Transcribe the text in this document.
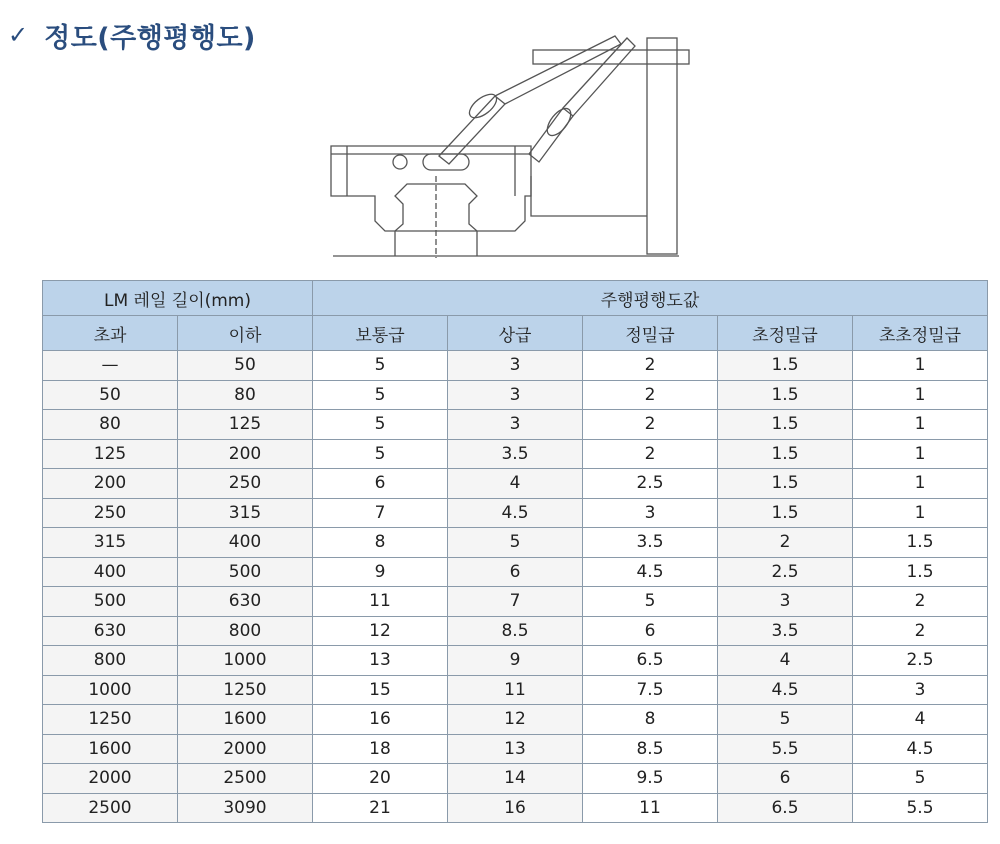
✓ 정도(주행평행도)
LM 레일 길이(mm)		주행평행도값				
초과	이하	보통급	상급	정밀급	초정밀급	초초정밀급
—	50	5	3	2	1.5	1
50	80	5	3	2	1.5	1
80	125	5	3	2	1.5	1
125	200	5	3.5	2	1.5	1
200	250	6	4	2.5	1.5	1
250	315	7	4.5	3	1.5	1
315	400	8	5	3.5	2	1.5
400	500	9	6	4.5	2.5	1.5
500	630	11	7	5	3	2
630	800	12	8.5	6	3.5	2
800	1000	13	9	6.5	4	2.5
1000	1250	15	11	7.5	4.5	3
1250	1600	16	12	8	5	4
1600	2000	18	13	8.5	5.5	4.5
2000	2500	20	14	9.5	6	5
2500	3090	21	16	11	6.5	5.5
